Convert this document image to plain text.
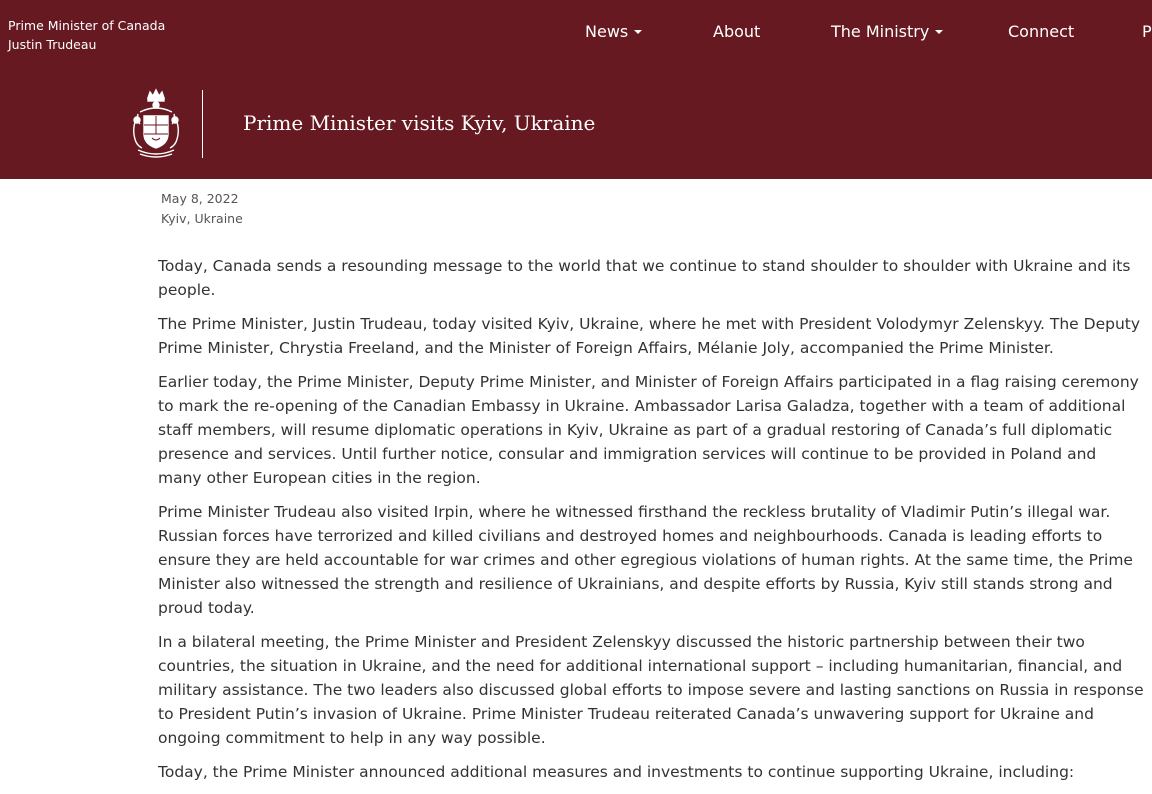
Prime Minister of Canada
Justin Trudeau
News	About	The Ministry	Connect	P
Prime Minister visits Kyiv, Ukraine
May 8, 2022
Kyiv, Ukraine

Today, Canada sends a resounding message to the world that we continue to stand shoulder to shoulder with Ukraine and its people.

The Prime Minister, Justin Trudeau, today visited Kyiv, Ukraine, where he met with President Volodymyr Zelenskyy. The Deputy Prime Minister, Chrystia Freeland, and the Minister of Foreign Affairs, Mélanie Joly, accompanied the Prime Minister.

Earlier today, the Prime Minister, Deputy Prime Minister, and Minister of Foreign Affairs participated in a flag raising ceremony to mark the re-opening of the Canadian Embassy in Ukraine. Ambassador Larisa Galadza, together with a team of additional staff members, will resume diplomatic operations in Kyiv, Ukraine as part of a gradual restoring of Canada’s full diplomatic presence and services. Until further notice, consular and immigration services will continue to be provided in Poland and many other European cities in the region.

Prime Minister Trudeau also visited Irpin, where he witnessed firsthand the reckless brutality of Vladimir Putin’s illegal war. Russian forces have terrorized and killed civilians and destroyed homes and neighbourhoods. Canada is leading efforts to ensure they are held accountable for war crimes and other egregious violations of human rights. At the same time, the Prime Minister also witnessed the strength and resilience of Ukrainians, and despite efforts by Russia, Kyiv still stands strong and proud today.

In a bilateral meeting, the Prime Minister and President Zelenskyy discussed the historic partnership between their two countries, the situation in Ukraine, and the need for additional international support – including humanitarian, financial, and military assistance. The two leaders also discussed global efforts to impose severe and lasting sanctions on Russia in response to President Putin’s invasion of Ukraine. Prime Minister Trudeau reiterated Canada’s unwavering support for Ukraine and ongoing commitment to help in any way possible.

Today, the Prime Minister announced additional measures and investments to continue supporting Ukraine, including:
